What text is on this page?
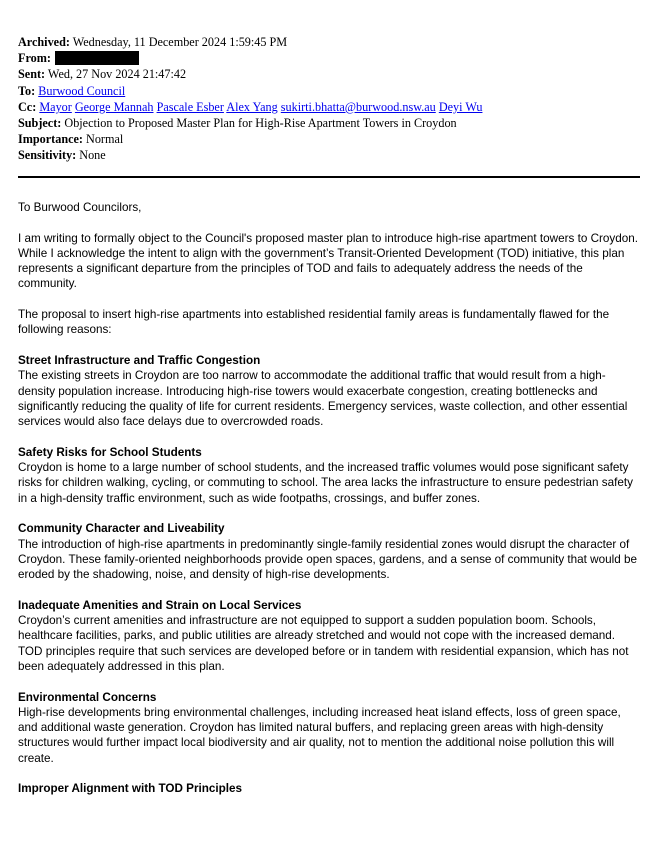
Archived: Wednesday, 11 December 2024 1:59:45 PM
From:
Sent: Wed, 27 Nov 2024 21:47:42
To: Burwood Council
Cc: Mayor George Mannah Pascale Esber Alex Yang sukirti.bhatta@burwood.nsw.au Deyi Wu
Subject: Objection to Proposed Master Plan for High-Rise Apartment Towers in Croydon
Importance: Normal
Sensitivity: None

To Burwood Councilors,

I am writing to formally object to the Council's proposed master plan to introduce high-rise apartment towers to Croydon. While I acknowledge the intent to align with the government’s Transit-Oriented Development (TOD) initiative, this plan represents a significant departure from the principles of TOD and fails to adequately address the needs of the community.

The proposal to insert high-rise apartments into established residential family areas is fundamentally flawed for the following reasons:

Street Infrastructure and Traffic Congestion
The existing streets in Croydon are too narrow to accommodate the additional traffic that would result from a high-density population increase. Introducing high-rise towers would exacerbate congestion, creating bottlenecks and significantly reducing the quality of life for current residents. Emergency services, waste collection, and other essential services would also face delays due to overcrowded roads.
Safety Risks for School Students
Croydon is home to a large number of school students, and the increased traffic volumes would pose significant safety risks for children walking, cycling, or commuting to school. The area lacks the infrastructure to ensure pedestrian safety in a high-density traffic environment, such as wide footpaths, crossings, and buffer zones.
Community Character and Liveability
The introduction of high-rise apartments in predominantly single-family residential zones would disrupt the character of Croydon. These family-oriented neighborhoods provide open spaces, gardens, and a sense of community that would be eroded by the shadowing, noise, and density of high-rise developments.
Inadequate Amenities and Strain on Local Services
Croydon’s current amenities and infrastructure are not equipped to support a sudden population boom. Schools, healthcare facilities, parks, and public utilities are already stretched and would not cope with the increased demand. TOD principles require that such services are developed before or in tandem with residential expansion, which has not been adequately addressed in this plan.
Environmental Concerns
High-rise developments bring environmental challenges, including increased heat island effects, loss of green space, and additional waste generation. Croydon has limited natural buffers, and replacing green areas with high-density structures would further impact local biodiversity and air quality, not to mention the additional noise pollution this will create.
Improper Alignment with TOD Principles
